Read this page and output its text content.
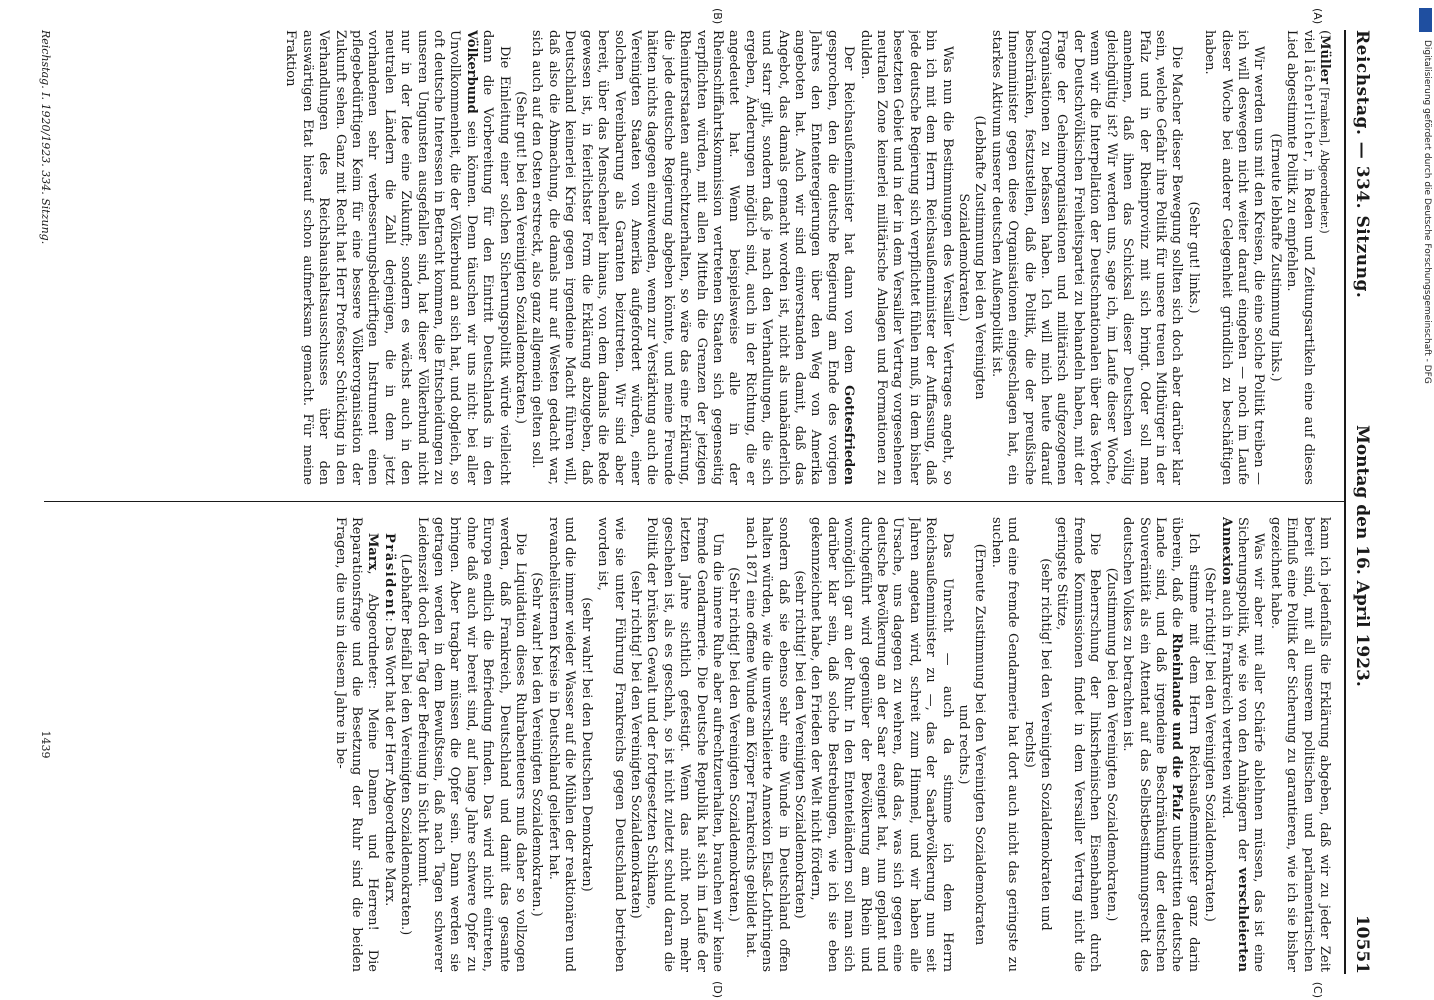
Reichstag. — 334. Sitzung.
Montag den 16. April 1923.
10551
(A)
(B)

(Müller [Franken], Abgeordneter.)

viel lächerlicher, in Reden und Zeitungsartikeln eine auf dieses Lied abgestimmte Politik zu empfehlen.

(Erneute lebhafte Zustimmung links.)

Wir werden uns mit den Kreisen, die eine solche Politik treiben — ich will deswegen nicht weiter darauf eingehen — noch im Laufe dieser Woche bei anderer Gelegenheit gründlich zu beschäftigen haben.

(Sehr gut! links.)

Die Macher dieser Bewegung sollten sich doch aber darüber klar sein, welche Gefahr ihre Politik für unsere treuen Mitbürger in der Pfalz und in der Rheinprovinz mit sich bringt. Oder soll man annehmen, daß ihnen das Schicksal dieser Deutschen völlig gleichgültig ist? Wir werden uns, sage ich, im Laufe dieser Woche, wenn wir die Interpellation der Deutschnationalen über das Verbot der Deutschvölkischen Freiheitspartei zu behandeln haben, mit der Frage der Geheimorganisationen und militärisch aufgezogenen Organisationen zu befassen haben. Ich will mich heute darauf beschränken, festzustellen, daß die Politik, die der preußische Innenminister gegen diese Organisationen eingeschlagen hat, ein starkes Aktivum unserer deutschen Außenpolitik ist.

(Lebhafte Zustimmung bei den Vereinigten Sozialdemokraten.)

Was nun die Bestimmungen des Versailler Vertrages angeht, so bin ich mit dem Herrn Reichsaußenminister der Auffassung, daß jede deutsche Regierung sich verpflichtet fühlen muß, in dem bisher besetzten Gebiet und in der in dem Versailler Vertrag vorgesehenen neutralen Zone keinerlei militärische Anlagen und Formationen zu dulden.

Der Reichsaußenminister hat dann von dem Gottesfrieden gesprochen, den die deutsche Regierung am Ende des vorigen Jahres den Ententeregierungen über den Weg von Amerika angeboten hat. Auch wir sind einverstanden damit, daß das Angebot, das damals gemacht worden ist, nicht als unabänderlich und starr gilt, sondern daß je nach den Verhandlungen, die sich ergeben, Änderungen möglich sind, auch in der Richtung, die er angedeutet hat. Wenn beispielsweise alle in der Rheinschiffahrtskommission vertretenen Staaten sich gegenseitig verpflichten würden, mit allen Mitteln die Grenzen der jetzigen Rheinuferstaaten aufrechtzuerhalten, so wäre das eine Erklärung, die jede deutsche Regierung abgeben könnte, und meine Freunde hätten nichts dagegen einzuwenden, wenn zur Verstärkung auch die Vereinigten Staaten von Amerika aufgefordert würden, einer solchen Vereinbarung als Garanten beizutreten. Wir sind aber bereit, über das Menschenalter hinaus, von dem damals die Rede gewesen ist, in feierlichster Form die Erklärung abzugeben, daß Deutschland keinerlei Krieg gegen irgendeine Macht führen will, daß also die Abmachung, die damals nur auf Westen gedacht war, sich auch auf den Osten erstreckt, also ganz allgemein gelten soll.

(Sehr gut! bei den Vereinigten Sozialdemokraten.)

Die Einleitung einer solchen Sicherungspolitik würde vielleicht dann die Vorbereitung für den Eintritt Deutschlands in den Völkerbund sein können. Denn täuschen wir uns nicht: bei aller Unvollkommenheit, die der Völkerbund an sich hat, und obgleich, so oft deutsche Interessen in Betracht kommen, die Entscheidungen zu unseren Ungunsten ausgefallen sind, hat dieser Völkerbund nicht nur in der Idee eine Zukunft; sondern es wächst auch in den neutralen Ländern die Zahl derjenigen, die in dem jetzt vorhandenen sehr verbesserungsbedürftigen Instrument einen pflegebedürftigen Keim für eine bessere Völkerorganisation der Zukunft sehen. Ganz mit Recht hat Herr Professor Schücking in den Verhandlungen des Reichshaushaltsausschusses über den auswärtigen Etat hierauf schon aufmerksam gemacht. Für meine Fraktion

kann ich jedenfalls die Erklärung abgeben, daß wir zu jeder Zeit bereit sind, mit all unserem politischen und parlamentarischen Einfluß eine Politik der Sicherung zu garantieren, wie ich sie bisher gezeichnet habe.

Was wir aber mit aller Schärfe ablehnen müssen, das ist eine Sicherungspolitik, wie sie von den Anhängern der verschleierten Annexion auch in Frankreich vertreten wird.

(Sehr richtig! bei den Vereinigten Sozialdemokraten.)

Ich stimme mit dem Herrn Reichsaußenminister ganz darin überein, daß die Rheinlande und die Pfalz unbestritten deutsche Lande sind, und daß irgendeine Beschränkung der deutschen Souveränität als ein Attentat auf das Selbstbestimmungsrecht des deutschen Volkes zu betrachten ist.

(Zustimmung bei den Vereinigten Sozialdemokraten.)

Die Beherrschung der linksrheinischen Eisenbahnen durch fremde Kommissionen findet in dem Versailler Vertrag nicht die geringste Stütze,

(sehr richtig! bei den Vereinigten Sozialdemokraten und rechts)

und eine fremde Gendarmerie hat dort auch nicht das geringste zu suchen.

(Erneute Zustimmung bei den Vereinigten Sozialdemokraten und rechts.)

Das Unrecht — auch da stimme ich dem Herrn Reichsaußenminister zu —, das der Saarbevölkerung nun seit Jahren angetan wird, schreit zum Himmel, und wir haben alle Ursache, uns dagegen zu wehren, daß das, was sich gegen eine deutsche Bevölkerung an der Saar ereignet hat, nun geplant und durchgeführt wird gegenüber der Bevölkerung am Rhein und womöglich gar an der Ruhr. In den Ententeländern soll man sich darüber klar sein, daß solche Bestrebungen, wie ich sie eben gekennzeichnet habe, den Frieden der Welt nicht fördern,

(sehr richtig! bei den Vereinigten Sozialdemokraten)

sondern daß sie ebenso sehr eine Wunde in Deutschland offen halten würden, wie die unverschleierte Annexion Elsaß-Lothringens nach 1871 eine offene Wunde am Körper Frankreichs gebildet hat.

(Sehr richtig! bei den Vereinigten Sozialdemokraten.)

Um die innere Ruhe aber aufrechtzuerhalten, brauchen wir keine fremde Gendarmerie. Die Deutsche Republik hat sich im Laufe der letzten Jahre sichtlich gefestigt. Wenn das nicht noch mehr geschehen ist, als es geschah, so ist nicht zuletzt schuld daran die Politik der brüsken Gewalt und der fortgesetzten Schikane,

(sehr richtig! bei den Vereinigten Sozialdemokraten)

wie sie unter Führung Frankreichs gegen Deutschland betrieben worden ist,

(sehr wahr! bei den Deutschen Demokraten)

und die immer wieder Wasser auf die Mühlen der reaktionären und revanchelüsternen Kreise in Deutschland geliefert hat.

(Sehr wahr! bei den Vereinigten Sozialdemokraten.)

Die Liquidation dieses Ruhrabenteuers muß daher so vollzogen werden, daß Frankreich, Deutschland und damit das gesamte Europa endlich die Befriedung finden. Das wird nicht eintreten, ohne daß auch wir bereit sind, auf lange Jahre schwere Opfer zu bringen. Aber tragbar müssen die Opfer sein. Dann werden sie getragen werden in dem Bewußtsein, daß nach Tagen schwerer Leidenszeit doch der Tag der Befreiung in Sicht kommt.

(Lebhafter Beifall bei den Vereinigten Sozialdemokraten.)

Präsident: Das Wort hat der Herr Abgeordnete Marx.

Marx, Abgeordneter: Meine Damen und Herren! Die Reparationsfrage und die Besetzung der Ruhr sind die beiden Fragen, die uns in diesem Jahre in be-

(C)
(D)
Reichstag. I. 1920/1923. 334. Sitzung.
1439
Digitalisierung gefördert durch die Deutsche Forschungsgemeinschaft - DFG
